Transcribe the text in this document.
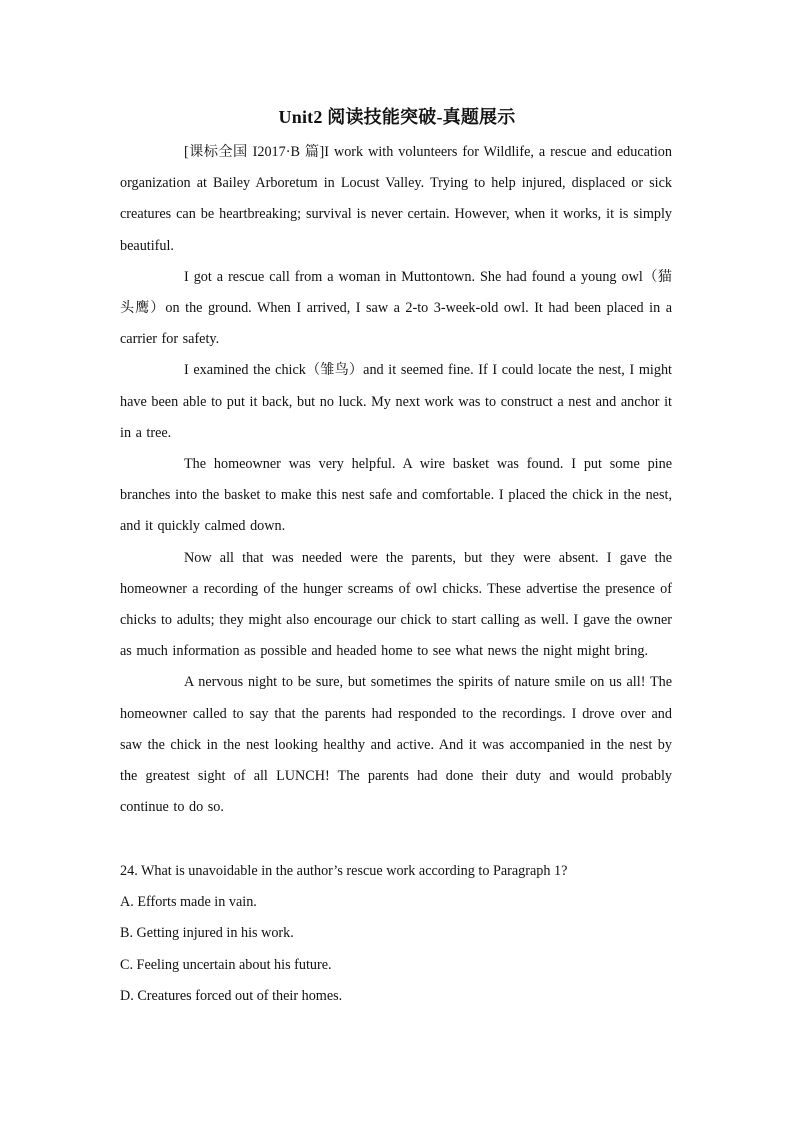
Unit2 阅读技能突破-真题展示

[课标全国 I2017·B 篇]I work with volunteers for Wildlife, a rescue and education organization at Bailey Arboretum in Locust Valley. Trying to help injured, displaced or sick creatures can be heartbreaking; survival is never certain. However, when it works, it is simply beautiful.

I got a rescue call from a woman in Muttontown. She had found a young owl（猫头鹰）on the ground. When I arrived, I saw a 2-to 3-week-old owl. It had been placed in a carrier for safety.

I examined the chick（雏鸟）and it seemed fine. If I could locate the nest, I might have been able to put it back, but no luck. My next work was to construct a nest and anchor it in a tree.

The homeowner was very helpful. A wire basket was found. I put some pine branches into the basket to make this nest safe and comfortable. I placed the chick in the nest, and it quickly calmed down.

Now all that was needed were the parents, but they were absent. I gave the homeowner a recording of the hunger screams of owl chicks. These advertise the presence of chicks to adults; they might also encourage our chick to start calling as well. I gave the owner as much information as possible and headed home to see what news the night might bring.

A nervous night to be sure, but sometimes the spirits of nature smile on us all! The homeowner called to say that the parents had responded to the recordings. I drove over and saw the chick in the nest looking healthy and active. And it was accompanied in the nest by the greatest sight of all LUNCH! The parents had done their duty and would probably continue to do so.

24. What is unavoidable in the author’s rescue work according to Paragraph 1?

A. Efforts made in vain.

B. Getting injured in his work.

C. Feeling uncertain about his future.

D. Creatures forced out of their homes.
